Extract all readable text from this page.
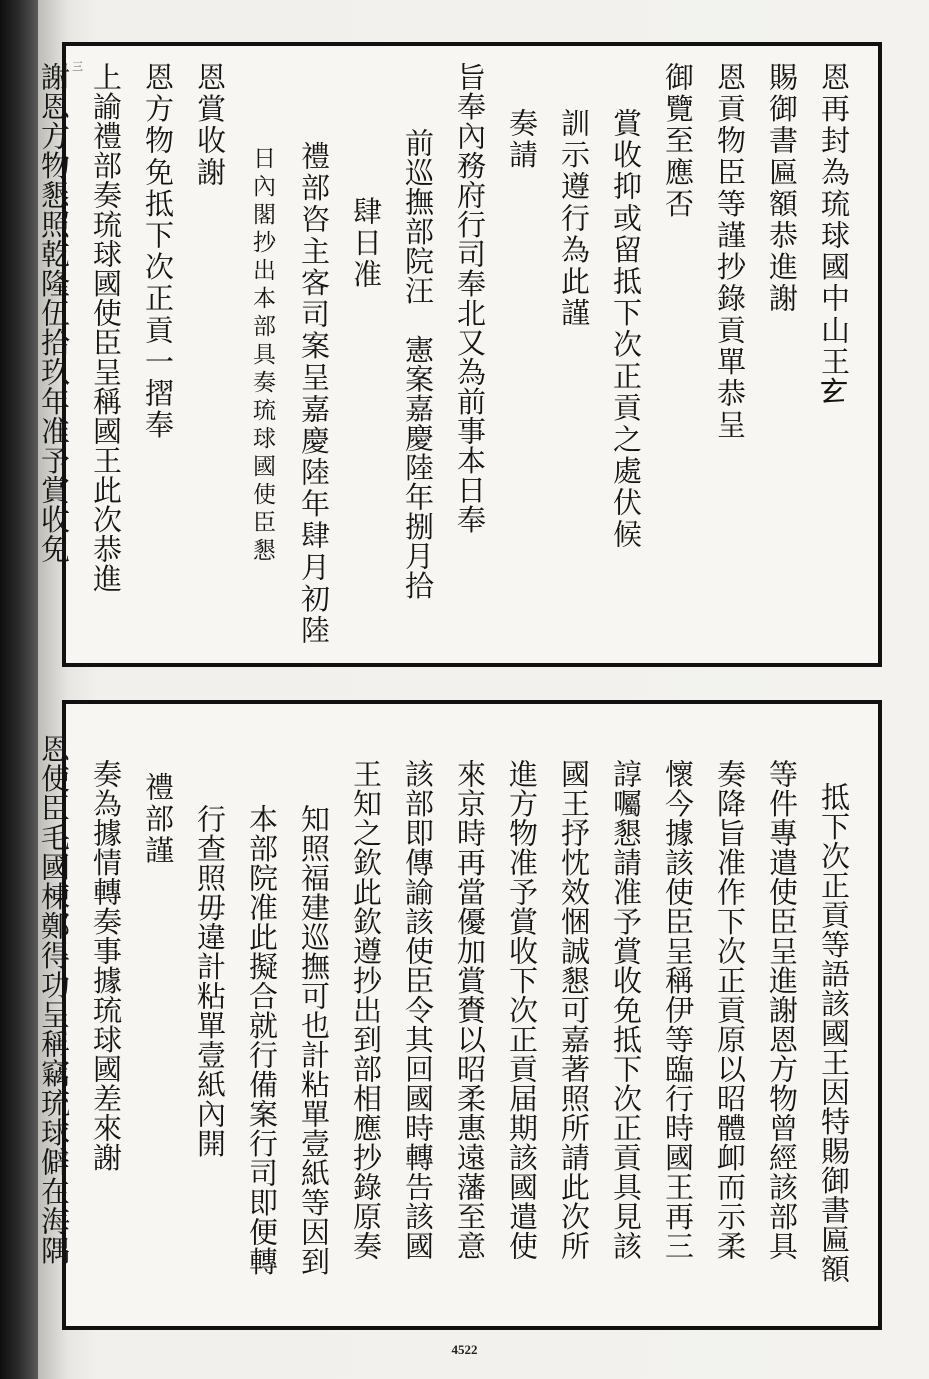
恩再封為琉球國中山王𤣥
賜御書匾額恭進謝
恩貢物臣等謹抄錄貢單恭呈
御覽至應否
賞收抑或留抵下次正貢之處伏候
訓示遵行為此謹
奏請
旨奉內務府行司奉北又為前事本日奉
前巡撫部院汪　憲案嘉慶陸年捌月拾
肆日准
禮部咨主客司案呈嘉慶陸年肆月初陸
日內閣抄出本部具奏琉球國使臣懇
恩賞收謝
恩方物免抵下次正貢一摺奉
上諭禮部奏琉球國使臣呈稱國王此次恭進
謝恩方物懇照乾隆伍拾玖年准予賞收免 三
抵下次正貢等語該國王因特賜御書匾額
等件專遣使臣呈進謝恩方物曾經該部具
奏降旨准作下次正貢原以昭體卹而示柔
懷今據該使臣呈稱伊等臨行時國王再三
諄囑懇請准予賞收免抵下次正貢具見該
國王抒忱效悃誠懇可嘉著照所請此次所
進方物准予賞收下次正貢届期該國遣使
來京時再當優加賞賚以昭柔惠遠藩至意
該部即傳諭該使臣令其回國時轉告該國
王知之欽此欽遵抄出到部相應抄錄原奏
知照福建巡撫可也計粘單壹紙等因到
本部院准此擬合就行備案行司即便轉
行查照毋違計粘單壹紙內開
禮部謹
奏為據情轉奏事據琉球國差來謝
恩使臣毛國棟鄭得功呈稱竊琉球僻在海隅
4522
